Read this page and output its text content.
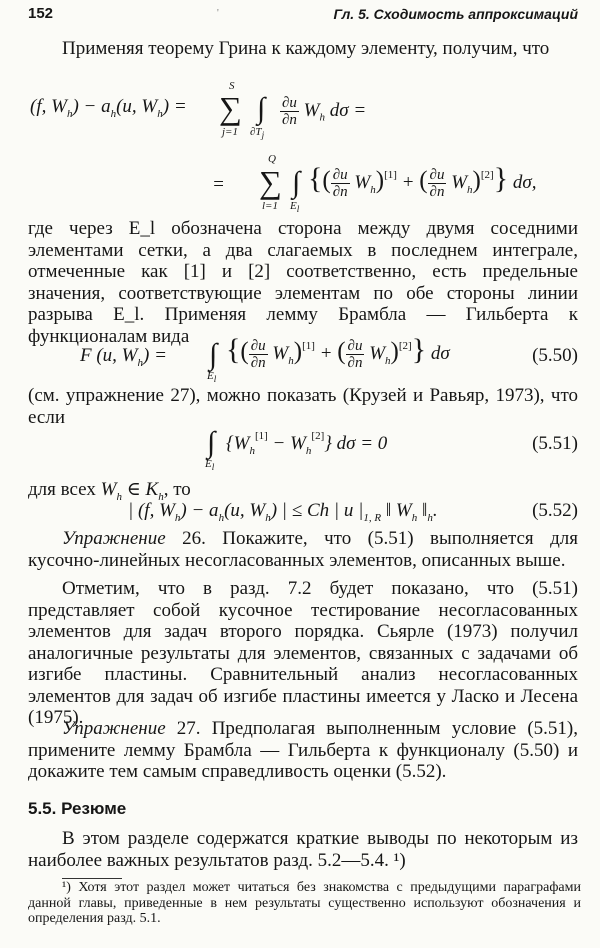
152	'	Гл. 5. Сходимость аппроксимаций
Применяя теорему Грина к каждому элементу, получим, что
(f, $W_h) - a_h(u$, $W_h$) = ∑
S
j=1
∫
$\partial T_j$
$\frac{\partial u}{\partial n} W_h$ dσ =
= ∑
Q
l=1
∫
$E_l$
{( $\frac{\partial u}{\partial n} W_h)[1]$ + ( $\frac{\partial u}{\partial n} W_h)[2]$} dσ,
где через E_l обозначена сторона между двумя соседними элементами сетки, а два слагаемых в последнем интеграле, отмеченные как [1] и [2] соответственно, есть предельные значения, соответствующие элементам по обе стороны линии разрыва E_l. Применяя лемму Брамбла — Гильберта к функционалам вида
F (u, $W_h$) = ∫
$E_l$
{( $\frac{\partial u}{\partial n} W_h)[1]$ + ( $\frac{\partial u}{\partial n} W_h)[2]$} dσ	(5.50)
(см. упражнение 27), можно показать (Крузей и Равьяр, 1973), что если
∫
$E_l$
$\{W_h[1] - W_h[2]\} d\sigma = 0$	(5.51)
для всех $W_h$ ∈ $K_h$, то
| (f, $W_h) - a_h(u$, $W_h$) | ≤ Ch | u $|_{1, R}$ ‖ $W_h$ $‖_h$.	(5.52)
Упражнение 26. Покажите, что (5.51) выполняется для кусочно-линейных несогласованных элементов, описанных выше.
Отметим, что в разд. 7.2 будет показано, что (5.51) представляет собой кусочное тестирование несогласованных элементов для задач второго порядка. Сьярле (1973) получил аналогичные результаты для элементов, связанных с задачами об изгибе пластины. Сравнительный анализ несогласованных элементов для задач об изгибе пластины имеется у Ласко и Лесена (1975).
Упражнение 27. Предполагая выполненным условие (5.51), примените лемму Брамбла — Гильберта к функционалу (5.50) и докажите тем самым справедливость оценки (5.52).
5.5. Резюме
В этом разделе содержатся краткие выводы по некоторым из наиболее важных результатов разд. 5.2—5.4. ¹)
¹) Хотя этот раздел может читаться без знакомства с предыдущими параграфами данной главы, приведенные в нем результаты существенно используют обозначения и определения разд. 5.1.
